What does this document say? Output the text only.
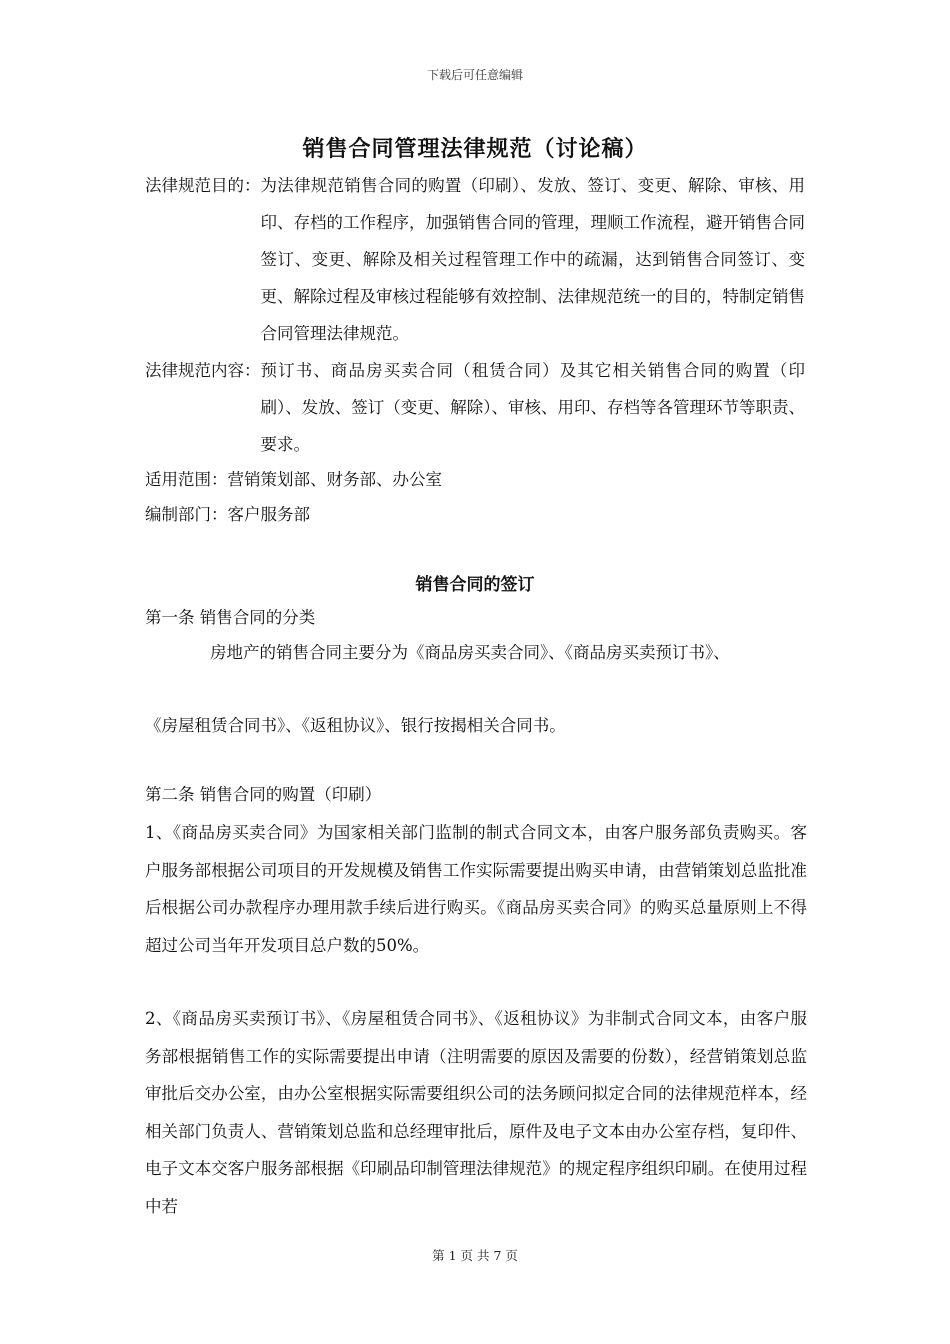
下载后可任意编辑
销售合同管理法律规范（讨论稿）
法律规范目的： 为法律规范销售合同的购置（印刷）、发放、签订、变更、解除、审核、用印、存档的工作程序，加强销售合同的管理，理顺工作流程，避开销售合同签订、变更、解除及相关过程管理工作中的疏漏，达到销售合同签订、变更、解除过程及审核过程能够有效控制、法律规范统一的目的，特制定销售合同管理法律规范。
法律规范内容： 预订书、商品房买卖合同（租赁合同）及其它相关销售合同的购置（印刷）、发放、签订（变更、解除）、审核、用印、存档等各管理环节等职责、要求。
适用范围：营销策划部、财务部、办公室
编制部门：客户服务部
销售合同的签订
第一条 销售合同的分类
房地产的销售合同主要分为《商品房买卖合同》、《商品房买卖预订书》、
《房屋租赁合同书》、《返租协议》、银行按揭相关合同书。
第二条 销售合同的购置（印刷）
1、《商品房买卖合同》为国家相关部门监制的制式合同文本，由客户服务部负责购买。客户服务部根据公司项目的开发规模及销售工作实际需要提出购买申请，由营销策划总监批准后根据公司办款程序办理用款手续后进行购买。《商品房买卖合同》的购买总量原则上不得超过公司当年开发项目总户数的50%。
2、《商品房买卖预订书》、《房屋租赁合同书》、《返租协议》为非制式合同文本，由客户服务部根据销售工作的实际需要提出申请（注明需要的原因及需要的份数），经营销策划总监审批后交办公室，由办公室根据实际需要组织公司的法务顾问拟定合同的法律规范样本，经相关部门负责人、营销策划总监和总经理审批后，原件及电子文本由办公室存档，复印件、电子文本交客户服务部根据《印刷品印制管理法律规范》的规定程序组织印刷。在使用过程中若
第 1 页 共 7 页
